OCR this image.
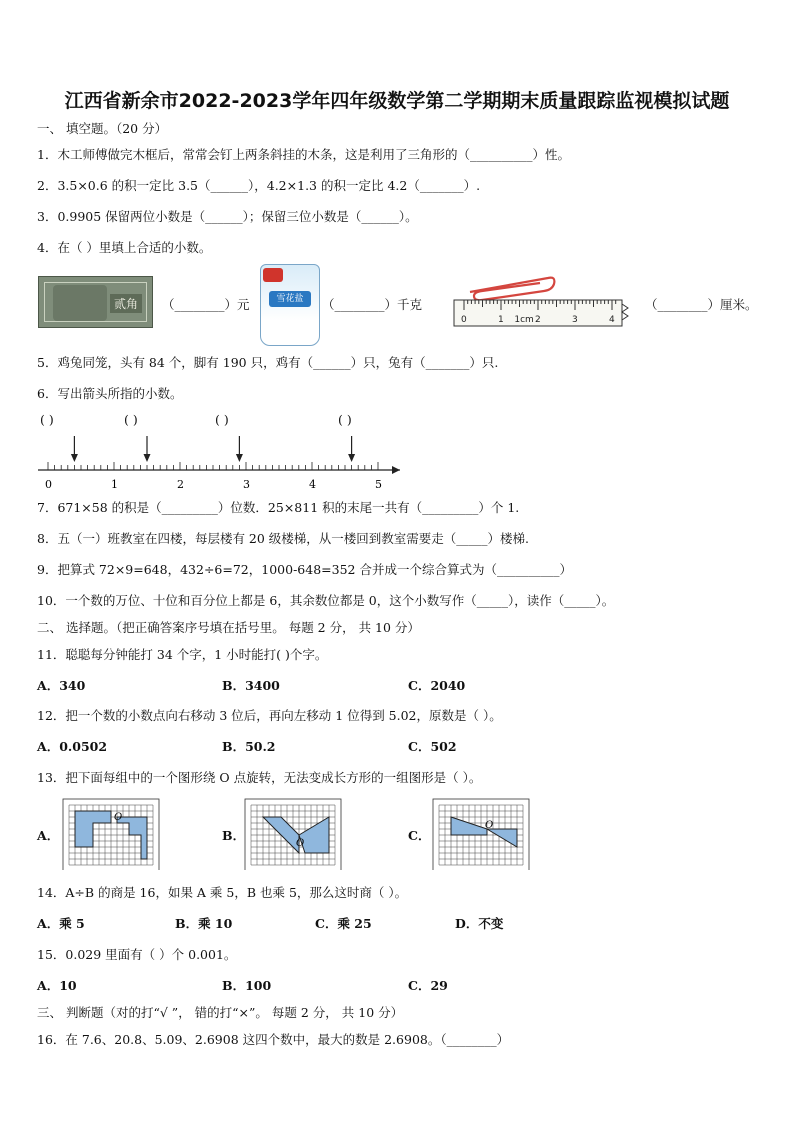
江西省新余市2022-2023学年四年级数学第二学期期末质量跟踪监视模拟试题
一、 填空题。（20 分）
1．木工师傅做完木框后，常常会钉上两条斜挂的木条，这是利用了三角形的（__________）性。
2．3.5×0.6 的积一定比 3.5（______），4.2×1.3 的积一定比 4.2（_______）.
3．0.9905 保留两位小数是（______）；保留三位小数是（______）。
4．在（ ）里填上合适的小数。
贰角	（________）元	雪花盐	（________）千克
0	1 1cm 2	3	4
（________）厘米。
5．鸡兔同笼，头有 84 个，脚有 190 只，鸡有（______）只，兔有（_______）只.
6．写出箭头所指的小数。
( )	( )	( )	( )
0	1	2	3	4	5
7．671×58 的积是（_________）位数．25×811 积的末尾一共有（_________）个 1.
8．五（一）班教室在四楼，每层楼有 20 级楼梯，从一楼回到教室需要走（_____）楼梯.
9．把算式 72×9=648，432÷6=72，1000-648=352 合并成一个综合算式为（__________）
10．一个数的万位、十位和百分位上都是 6，其余数位都是 0，这个小数写作（_____），读作（_____）。
二、 选择题。（把正确答案序号填在括号里。 每题 2 分， 共 10 分）
11．聪聪每分钟能打 34 个字，1 小时能打( )个字。
A．340	B．3400	C．2040
12．把一个数的小数点向右移动 3 位后，再向左移动 1 位得到 5.02，原数是（ ）。
A．0.0502	B．50.2	C．502
13．把下面每组中的一个图形绕 O 点旋转，无法变成长方形的一组图形是（ ）。
A．	B．	C．
O
O
O
14．A÷B 的商是 16，如果 A 乘 5，B 也乘 5，那么这时商（ ）。
A．乘 5	B．乘 10	C．乘 25	D．不变
15．0.029 里面有（ ）个 0.001。
A．10	B．100	C．29
三、 判断题（对的打“√ ”， 错的打“×”。 每题 2 分， 共 10 分）
16．在 7.6、20.8、5.09、2.6908 这四个数中，最大的数是 2.6908。（________）
